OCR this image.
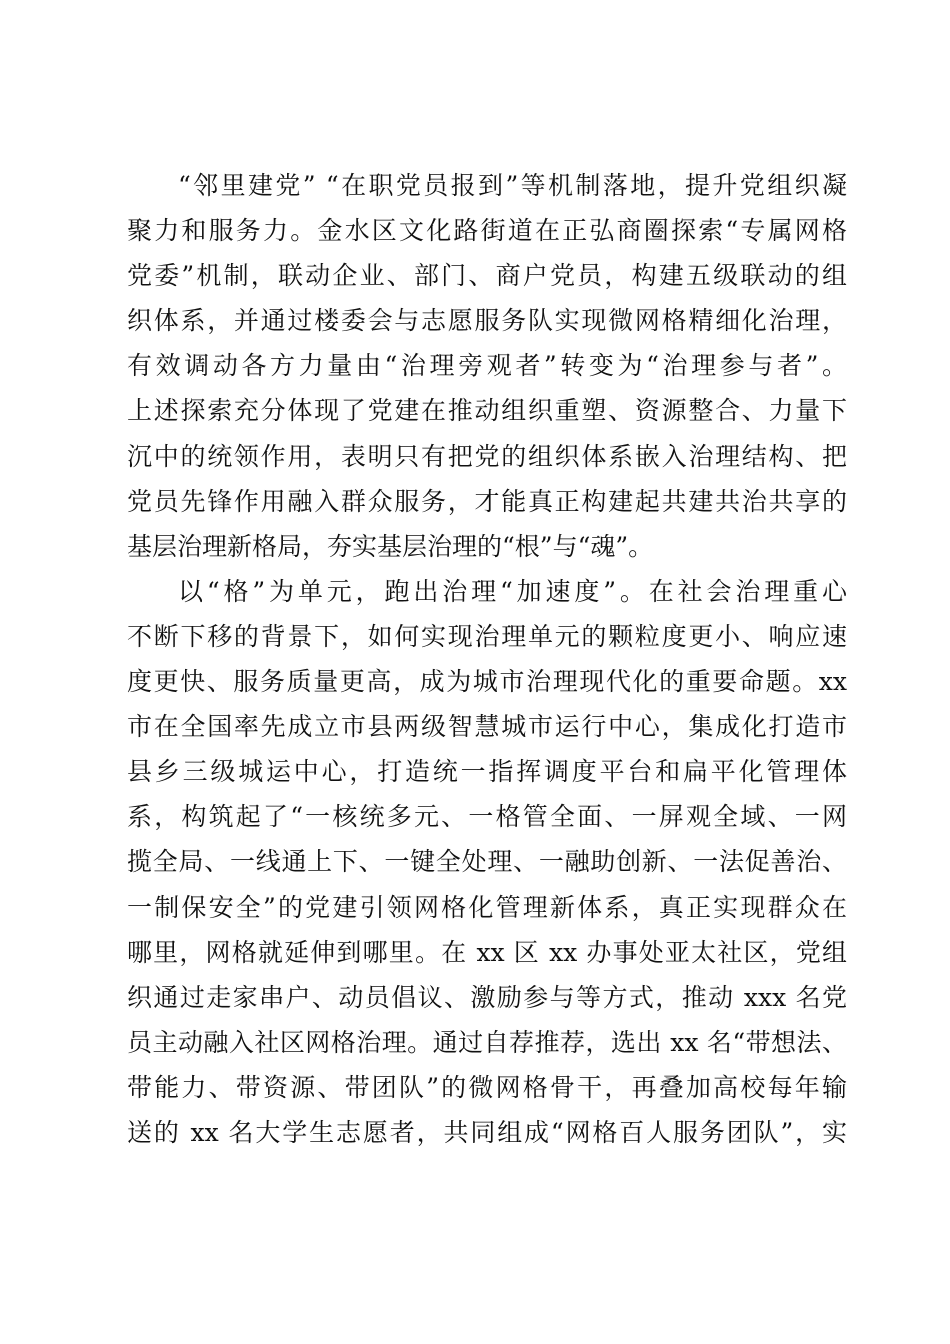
“邻里建党” “在职党员报到”等机制落地，提升党组织凝
聚力和服务力。金水区文化路街道在正弘商圈探索“专属网格
党委”机制，联动企业、部门、商户党员，构建五级联动的组
织体系，并通过楼委会与志愿服务队实现微网格精细化治理，
有效调动各方力量由“治理旁观者”转变为“治理参与者”。
上述探索充分体现了党建在推动组织重塑、资源整合、力量下
沉中的统领作用，表明只有把党的组织体系嵌入治理结构、把
党员先锋作用融入群众服务，才能真正构建起共建共治共享的
基层治理新格局，夯实基层治理的“根”与“魂”。
以“格”为单元，跑出治理“加速度”。在社会治理重心
不断下移的背景下，如何实现治理单元的颗粒度更小、响应速
度更快、服务质量更高，成为城市治理现代化的重要命题。xx
市在全国率先成立市县两级智慧城市运行中心，集成化打造市
县乡三级城运中心，打造统一指挥调度平台和扁平化管理体
系，构筑起了“一核统多元、一格管全面、一屏观全域、一网
揽全局、一线通上下、一键全处理、一融助创新、一法促善治、
一制保安全”的党建引领网格化管理新体系，真正实现群众在
哪里，网格就延伸到哪里。在 xx 区 xx 办事处亚太社区，党组
织通过走家串户、动员倡议、激励参与等方式，推动 xxx 名党
员主动融入社区网格治理。通过自荐推荐，选出 xx 名“带想法、
带能力、带资源、带团队”的微网格骨干，再叠加高校每年输
送的 xx 名大学生志愿者，共同组成“网格百人服务团队”，实
